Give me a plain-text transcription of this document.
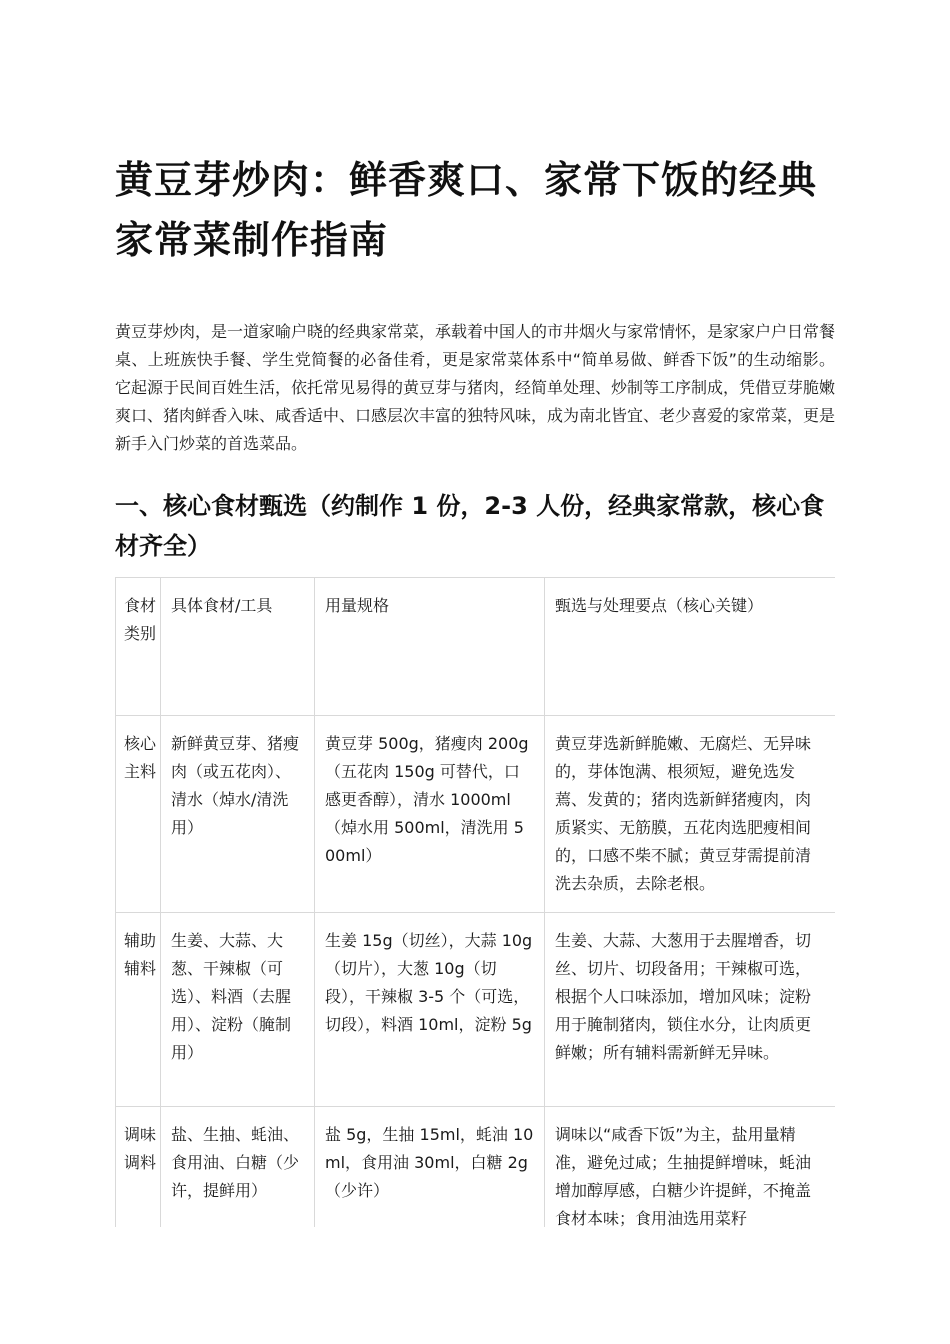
黄豆芽炒肉：鲜香爽口、家常下饭的经典家常菜制作指南

黄豆芽炒肉，是一道家喻户晓的经典家常菜，承载着中国人的市井烟火与家常情怀，是家家户户日常餐桌、上班族快手餐、学生党简餐的必备佳肴，更是家常菜体系中“简单易做、鲜香下饭”的生动缩影。它起源于民间百姓生活，依托常见易得的黄豆芽与猪肉，经简单处理、炒制等工序制成，凭借豆芽脆嫩爽口、猪肉鲜香入味、咸香适中、口感层次丰富的独特风味，成为南北皆宜、老少喜爱的家常菜，更是新手入门炒菜的首选菜品。

一、核心食材甄选（约制作 1 份，2-3 人份，经典家常款，核心食材齐全）
食材类别	具体食材/工具	用量规格	甄选与处理要点（核心关键）
核心主料	新鲜黄豆芽、猪瘦肉（或五花肉）、清水（焯水/清洗用）	黄豆芽 500g，猪瘦肉 200g（五花肉 150g 可替代，口感更香醇），清水 1000ml（焯水用 500ml，清洗用 500ml）	黄豆芽选新鲜脆嫩、无腐烂、无异味的，芽体饱满、根须短，避免选发蔫、发黄的；猪肉选新鲜猪瘦肉，肉质紧实、无筋膜，五花肉选肥瘦相间的，口感不柴不腻；黄豆芽需提前清洗去杂质，去除老根。
辅助辅料	生姜、大蒜、大葱、干辣椒（可选）、料酒（去腥用）、淀粉（腌制用）	生姜 15g（切丝），大蒜 10g（切片），大葱 10g（切段），干辣椒 3-5 个（可选，切段），料酒 10ml，淀粉 5g	生姜、大蒜、大葱用于去腥增香，切丝、切片、切段备用；干辣椒可选，根据个人口味添加，增加风味；淀粉用于腌制猪肉，锁住水分，让肉质更鲜嫩；所有辅料需新鲜无异味。
调味调料	盐、生抽、蚝油、食用油、白糖（少许，提鲜用）	盐 5g，生抽 15ml，蚝油 10ml，食用油 30ml，白糖 2g（少许）	调味以“咸香下饭”为主，盐用量精准，避免过咸；生抽提鲜增味，蚝油增加醇厚感，白糖少许提鲜，不掩盖食材本味；食用油选用菜籽
